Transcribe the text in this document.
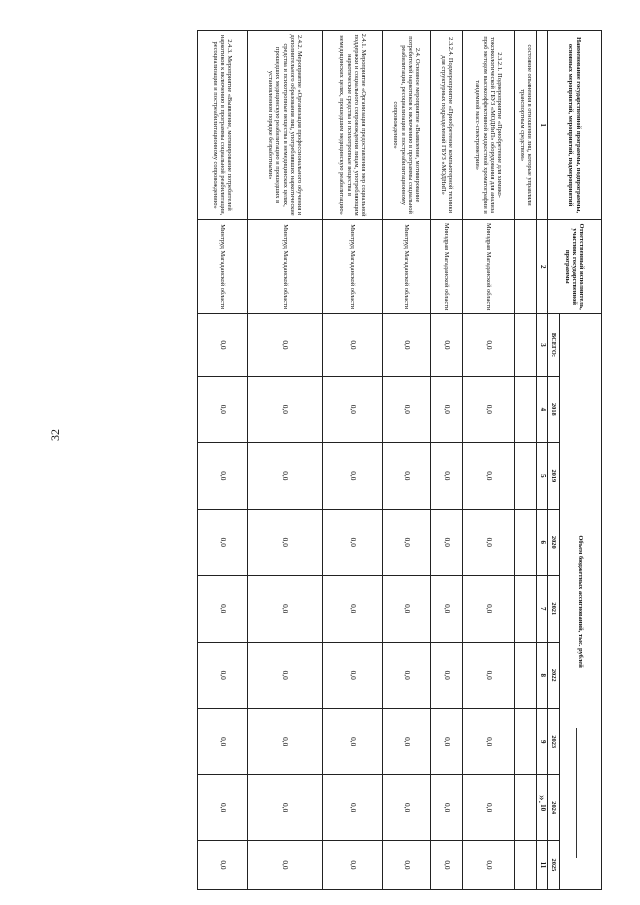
32
Наименование государственной программы, подпрограммы, основных мероприятий, мероприятий, подмероприятий	Ответственный исполнитель, участник государственной программы	Объем бюджетных ассигнований, тыс. рублей								
		ВСЕГО:	2018	2019	2020	2021	2022	2023	2024	2025
1	2	3	4	5	6	7	8	9	10	11
состояние опьянения в отношении лиц, которые управляли транспортным средством»										
2.3.2.1. Подмероприятие «Приобретение для химико-токсикологической ГБУЗ «МОДНиП» оборудования для анализа проб методом высокоэффективной жидкостной хроматографии и тандемной масс-спектрометрии»	Минздрав Магаданской области	0,0	0,0	0,0	0,0	0,0	0,0	0,0	0,0	0,0
2.3.2.4. Подмероприятие «Приобретение компьютерной техники для структурных подразделений ГБУЗ «МОДНиП»	Минздрав Магаданской области	0,0	0,0	0,0	0,0	0,0	0,0	0,0	0,0	0,0
2.4. Основное мероприятие «Выявление, мотивирование потребителей наркотиков к включению в программы социальной реабилитации, ресоциализации и постреабилитационному сопровождению»	Минтруд Магаданской области	0,0	0,0	0,0	0,0	0,0	0,0	0,0	0,0	0,0
2.4.1. Мероприятие «Организация предоставления мер социальной поддержки и социального сопровождения лицам, употребляющим наркотические средства и психотропные вещества в немедицинских целях, прошедшим медицинскую реабилитацию»	Минтруд Магаданской области	0,0	0,0	0,0	0,0	0,0	0,0	0,0	0,0	0,0
2.4.2. Мероприятие «Организация профессионального обучения и дополнительного образования лиц, употреблявших наркотические средства и психотропные вещества в немедицинских целях, прошедших медицинскую реабилитацию и прошедших в установленном порядке безработными»	Минтруд Магаданской области	0,0	0,0	0,0	0,0	0,0	0,0	0,0	0,0	0,0
2.4.3. Мероприятие «Выявление, мотивирование потребителей наркотиков к включению в программы социальной реабилитации, ресоциализации и постреабилитационному сопровождению»	Минтруд Магаданской области	0,0	0,0	0,0	0,0	0,0	0,0	0,0	0,0	0,0
».
